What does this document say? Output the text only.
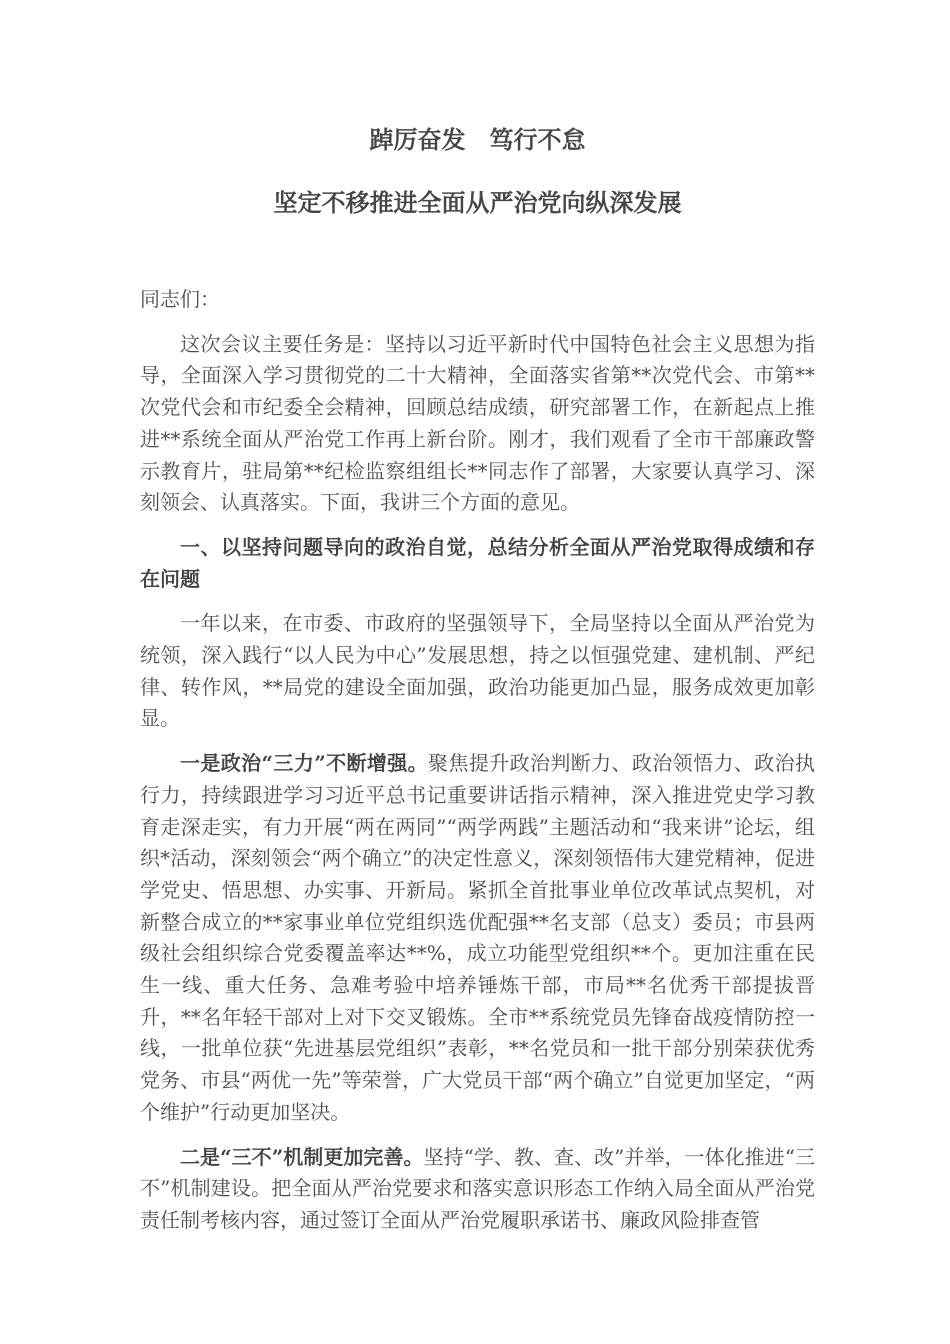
踔厉奋发　笃行不怠
坚定不移推进全面从严治党向纵深发展

同志们：

这次会议主要任务是：坚持以习近平新时代中国特色社会主义思想为指导，全面深入学习贯彻党的二十大精神，全面落实省第**次党代会、市第**次党代会和市纪委全会精神，回顾总结成绩，研究部署工作，在新起点上推进**系统全面从严治党工作再上新台阶。刚才，我们观看了全市干部廉政警示教育片，驻局第**纪检监察组组长**同志作了部署，大家要认真学习、深刻领会、认真落实。下面，我讲三个方面的意见。

一、以坚持问题导向的政治自觉，总结分析全面从严治党取得成绩和存在问题

一年以来，在市委、市政府的坚强领导下，全局坚持以全面从严治党为统领，深入践行“以人民为中心”发展思想，持之以恒强党建、建机制、严纪律、转作风，**局党的建设全面加强，政治功能更加凸显，服务成效更加彰显。

一是政治“三力”不断增强。聚焦提升政治判断力、政治领悟力、政治执行力，持续跟进学习习近平总书记重要讲话指示精神，深入推进党史学习教育走深走实，有力开展“两在两同”“两学两践”主题活动和“我来讲”论坛，组织*活动，深刻领会“两个确立”的决定性意义，深刻领悟伟大建党精神，促进学党史、悟思想、办实事、开新局。紧抓全首批事业单位改革试点契机，对新整合成立的**家事业单位党组织选优配强**名支部（总支）委员；市县两级社会组织综合党委覆盖率达**%，成立功能型党组织**个。更加注重在民生一线、重大任务、急难考验中培养锤炼干部，市局**名优秀干部提拔晋升，**名年轻干部对上对下交叉锻炼。全市**系统党员先锋奋战疫情防控一线，一批单位获“先进基层党组织”表彰，**名党员和一批干部分别荣获优秀党务、市县“两优一先”等荣誉，广大党员干部“两个确立”自觉更加坚定，“两个维护”行动更加坚决。

二是“三不”机制更加完善。坚持“学、教、查、改”并举，一体化推进“三不”机制建设。把全面从严治党要求和落实意识形态工作纳入局全面从严治党责任制考核内容，通过签订全面从严治党履职承诺书、廉政风险排查管
